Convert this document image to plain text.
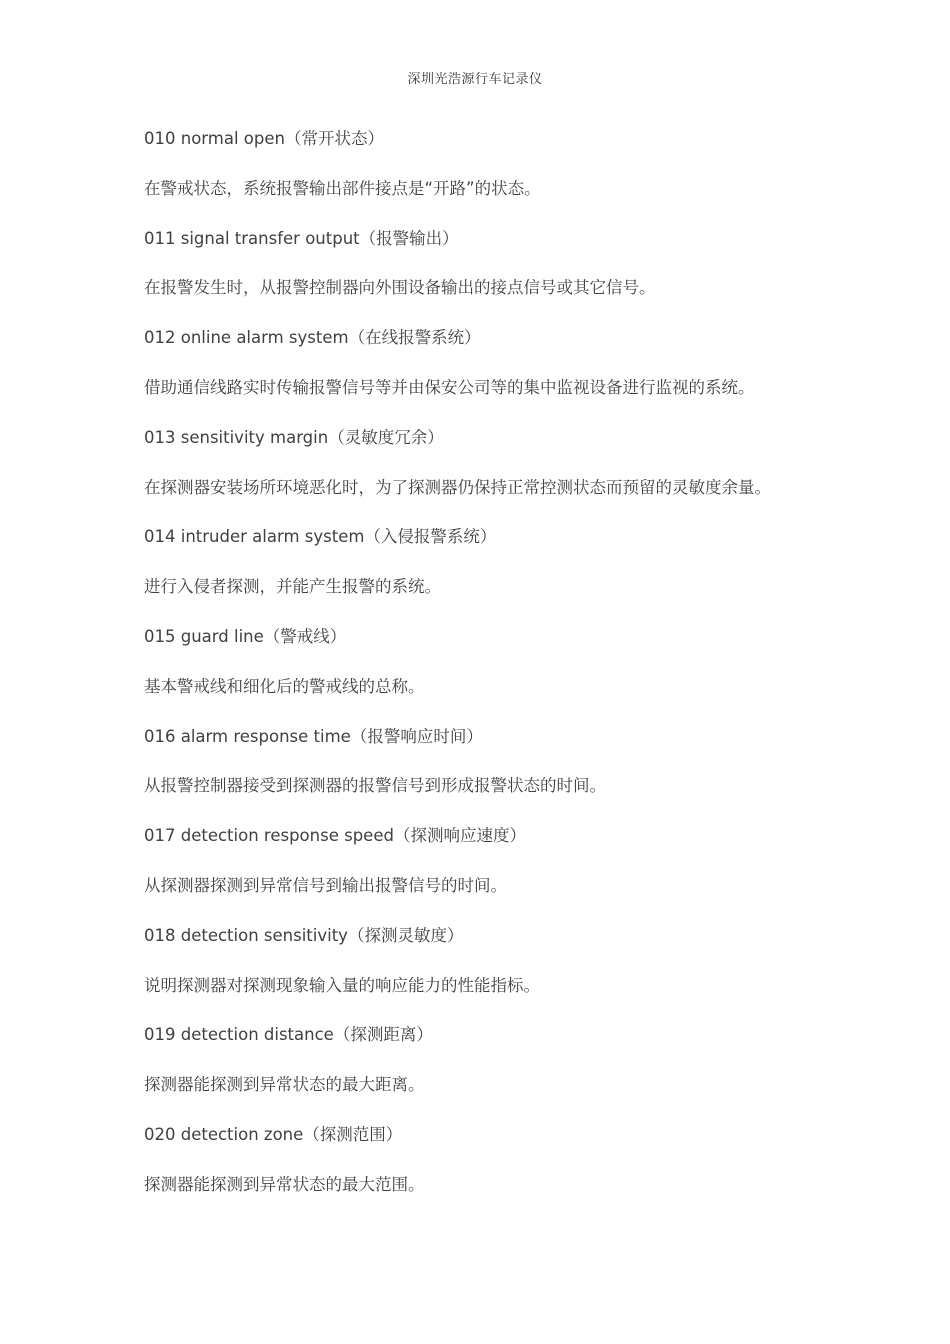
深圳光浩源行车记录仪
010 normal open（常开状态）
在警戒状态，系统报警输出部件接点是“开路”的状态。
011 signal transfer output（报警输出）
在报警发生时，从报警控制器向外围设备输出的接点信号或其它信号。
012 online alarm system（在线报警系统）
借助通信线路实时传输报警信号等并由保安公司等的集中监视设备进行监视的系统。
013 sensitivity margin（灵敏度冗余）
在探测器安装场所环境恶化时，为了探测器仍保持正常控测状态而预留的灵敏度余量。
014 intruder alarm system（入侵报警系统）
进行入侵者探测，并能产生报警的系统。
015 guard line（警戒线）
基本警戒线和细化后的警戒线的总称。
016 alarm response time（报警响应时间）
从报警控制器接受到探测器的报警信号到形成报警状态的时间。
017 detection response speed（探测响应速度）
从探测器探测到异常信号到输出报警信号的时间。
018 detection sensitivity（探测灵敏度）
说明探测器对探测现象输入量的响应能力的性能指标。
019 detection distance（探测距离）
探测器能探测到异常状态的最大距离。
020 detection zone（探测范围）
探测器能探测到异常状态的最大范围。
